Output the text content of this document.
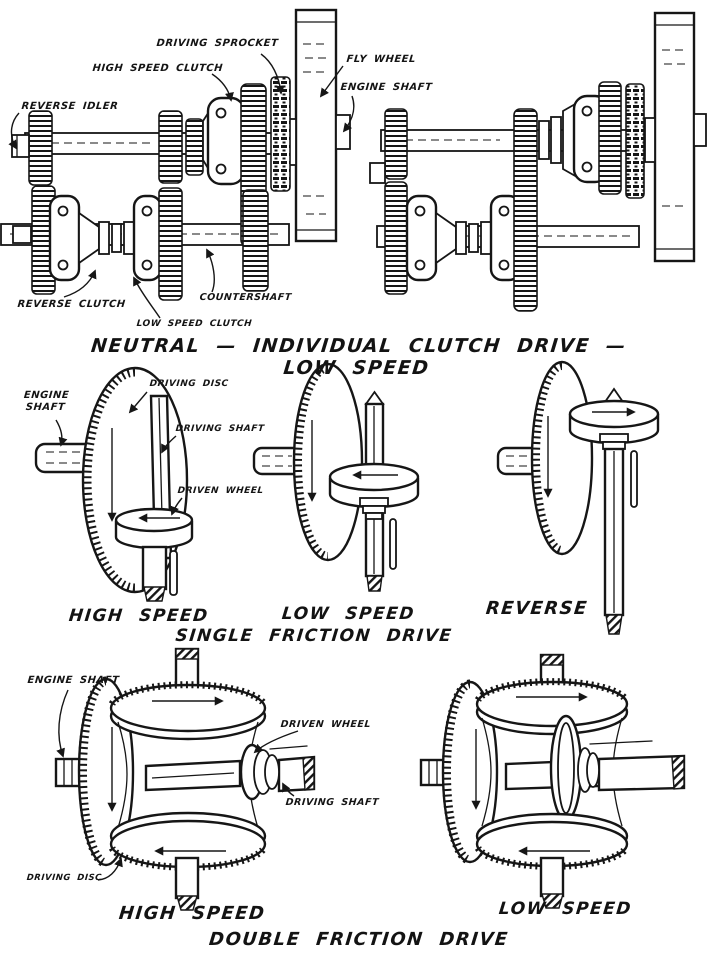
DRIVING SPROCKET
HIGH SPEED CLUTCH
REVERSE IDLER
FLY WHEEL
ENGINE SHAFT
REVERSE CLUTCH
LOW SPEED CLUTCH
COUNTERSHAFT
NEUTRAL — INDIVIDUAL CLUTCH DRIVE — LOW SPEED
ENGINE SHAFT
DRIVING DISC
DRIVING SHAFT
DRIVEN WHEEL
HIGH SPEED	LOW SPEED	REVERSE
SINGLE FRICTION DRIVE
ENGINE SHAFT
DRIVEN WHEEL
DRIVING SHAFT
DRIVING DISC
HIGH SPEED	LOW SPEED
DOUBLE FRICTION DRIVE
